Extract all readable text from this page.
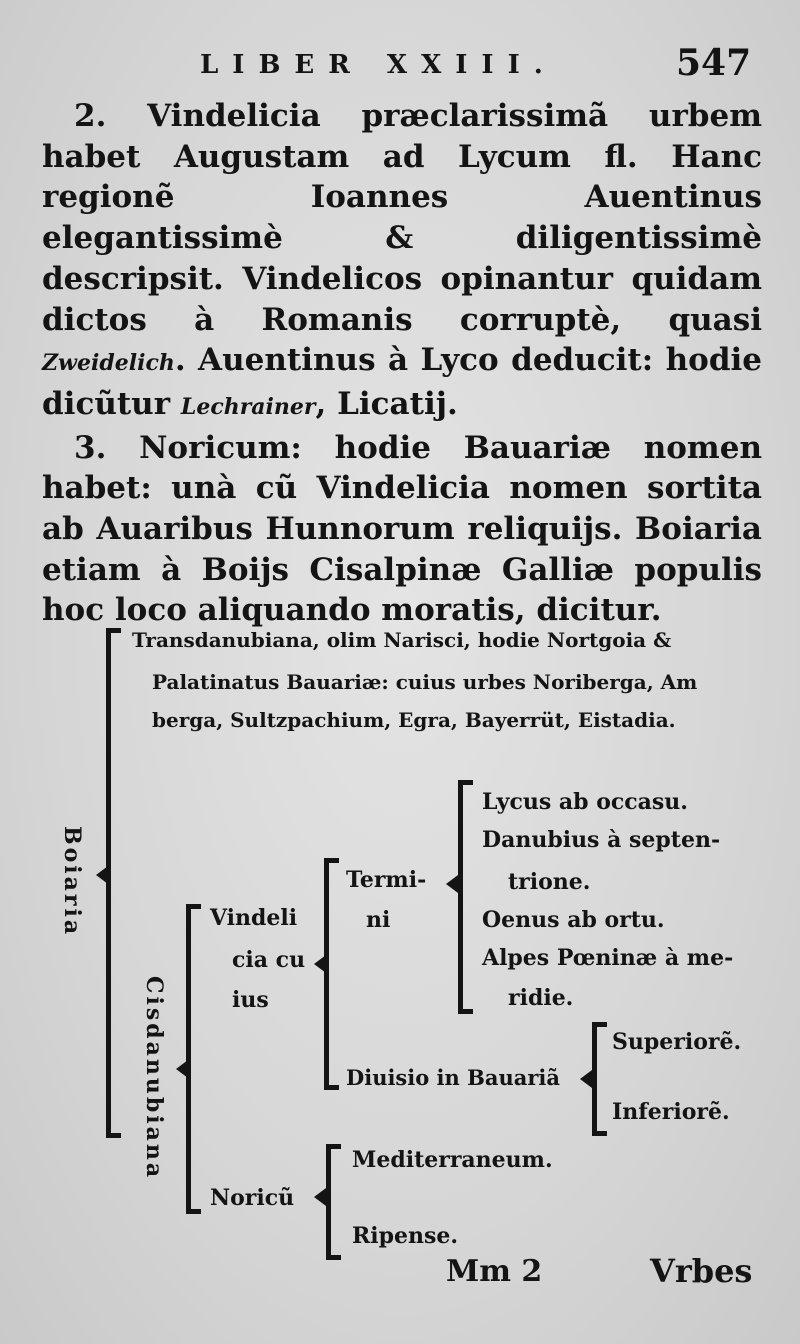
LIBER XXIII.	547

2. Vindelicia præclarissimã urbem habet Augustam ad Lycum fl. Hanc regionẽ Ioannes Auentinus elegantissimè & diligentissimè descripsit. Vindelicos opinantur quidam dictos à Romanis corruptè, quasi Zweidelich. Auentinus à Lyco deducit: hodie dicũtur Lechrainer, Licatij.

3. Noricum: hodie Bauariæ nomen habet: unà cũ Vindelicia nomen sortita ab Auaribus Hunnorum reliquijs. Boiaria etiam à Boijs Cisalpinæ Galliæ populis hoc loco aliquando moratis, dicitur.

Boiaria
Transdanubiana, olim Narisci, hodie Nortgoia &
Palatinatus Bauariæ: cuius urbes Noriberga, Am
berga, Sultzpachium, Egra, Bayerrüt, Eistadia.
Cisdanubiana
Vindeli
cia cu
ius
Termi-
ni
Lycus ab occasu.
Danubius à septen-
trione.
Oenus ab ortu.
Alpes Pœninæ à me-
ridie.
Diuisio in Bauariã
Superiorẽ.
Inferiorẽ.
Noricũ
Mediterraneum.
Ripense.
Mm 2	Vrbes
